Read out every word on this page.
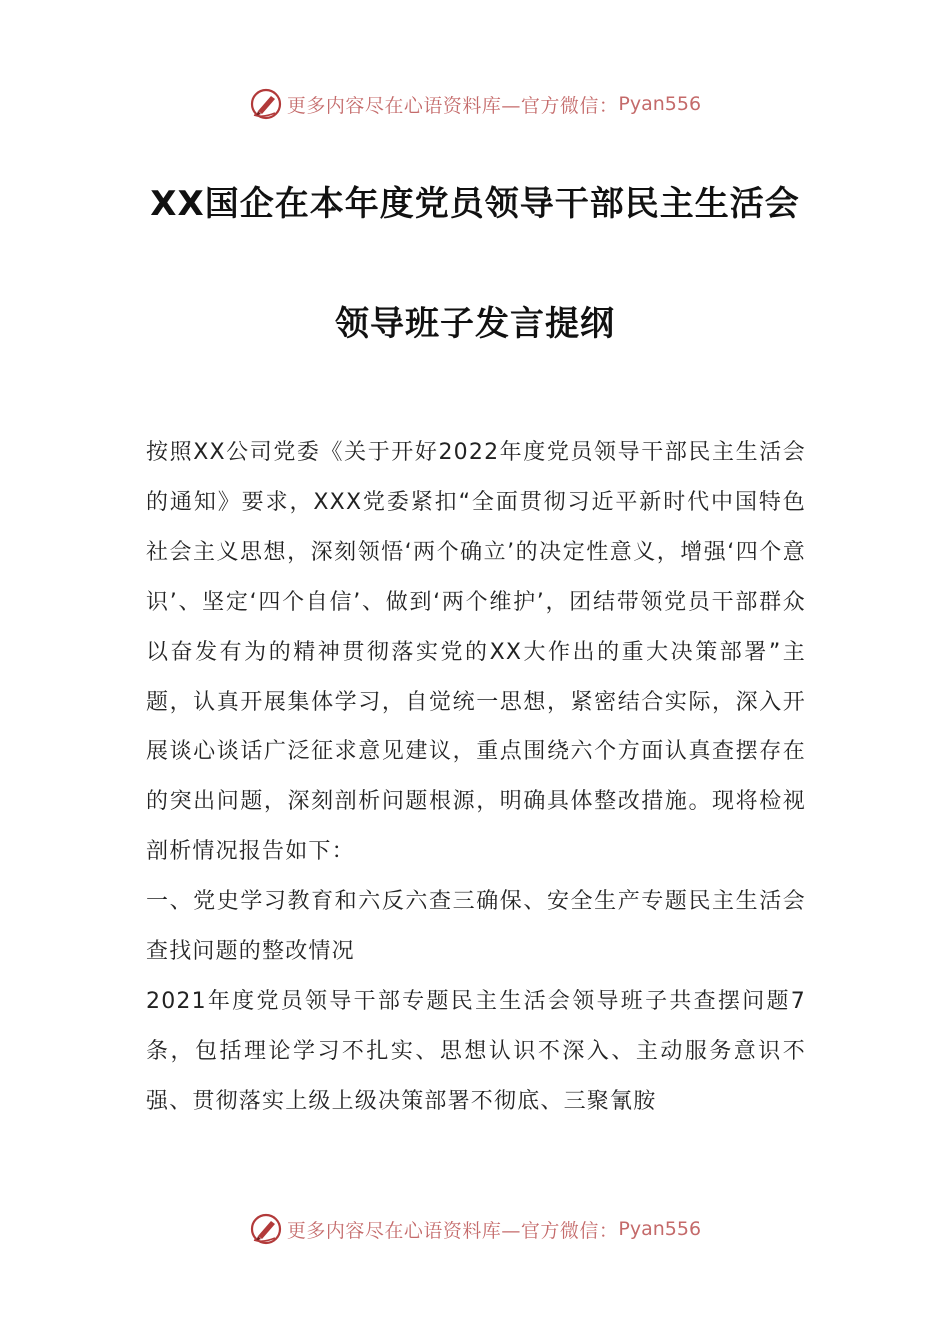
更多内容尽在心语资料库—官方微信： Pyan556
XX国企在本年度党员领导干部民主生活会
领导班子发言提纲

按照XX公司党委《关于开好2022年度党员领导干部民主生活会的通知》要求，XXX党委紧扣“全面贯彻习近平新时代中国特色社会主义思想，深刻领悟‘两个确立’的决定性意义，增强‘四个意识’、坚定‘四个自信’、做到‘两个维护’，团结带领党员干部群众以奋发有为的精神贯彻落实党的XX大作出的重大决策部署”主题，认真开展集体学习，自觉统一思想，紧密结合实际，深入开展谈心谈话广泛征求意见建议，重点围绕六个方面认真查摆存在的突出问题，深刻剖析问题根源，明确具体整改措施。现将检视剖析情况报告如下：

一、党史学习教育和六反六查三确保、安全生产专题民主生活会查找问题的整改情况

2021年度党员领导干部专题民主生活会领导班子共查摆问题7条，包括理论学习不扎实、思想认识不深入、主动服务意识不强、贯彻落实上级上级决策部署不彻底、三聚氰胺

更多内容尽在心语资料库—官方微信： Pyan556
